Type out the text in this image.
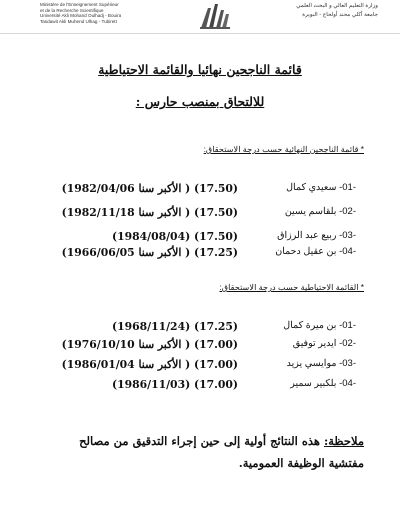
Ministère de l'Enseignement Supérieur
et de la Recherche Scientifique
Université Akli Mohand Oulhadj - Bouira
Tasdawit Akli Muhend Ulhag - Tubirett
وزارة التعليم العالي و البحث العلمي
جامعة أكلي محند أولحاج - البويرة
قائمة الناجحين نهائيا والقائمة الاحتياطية
للالتحاق بمنصب حارس :
* قائمة الناجحين النهائية حسب درجة الاستحقاق:
-01- سعيدي كمال
(17.50) ( الأكبر سنا 1982/04/06)
-02- بلقاسم يسين
(17.50) ( الأكبر سنا 1982/11/18)
-03- ربيع عبد الرزاق
(17.50) (1984/08/04)
-04- بن عقيل دحمان
(17.25) ( الأكبر سنا 1966/06/05)
* القائمة الاحتياطية حسب درجة الاستحقاق:
-01- بن ميرة كمال
(17.25) (1968/11/24)
-02- ايدير توفيق
(17.00) ( الأكبر سنا 1976/10/10)
-03- موايسي يزيد
(17.00) ( الأكبر سنا 1986/01/04)
-04- بلكبير سمير
(17.00) (1986/11/03)
ملاحظة: هذه النتائج أولية إلى حين إجراء التدقيق من مصالح مفتشية الوظيفة العمومية.
